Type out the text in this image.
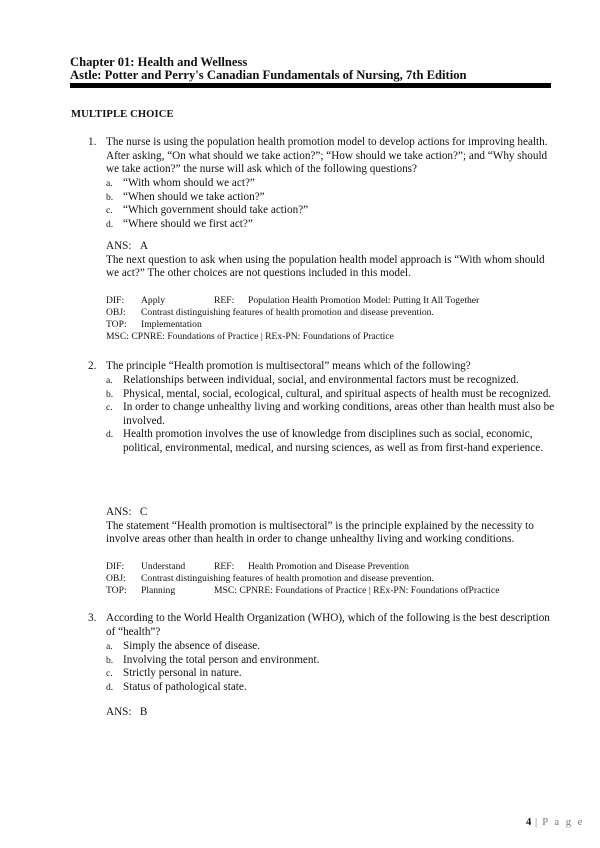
Chapter 01: Health and Wellness
Astle: Potter and Perry's Canadian Fundamentals of Nursing, 7th Edition
MULTIPLE CHOICE
1. The nurse is using the population health promotion model to develop actions for improving health. After asking, “On what should we take action?”; “How should we take action?”; and “Why should we take action?” the nurse will ask which of the following questions?
a. “With whom should we act?”
b. “When should we take action?”
c. “Which government should take action?”
d. “Where should we first act?”
ANS: A
The next question to ask when using the population health model approach is “With whom should we act?” The other choices are not questions included in this model.
DIF: Apply	REF: Population Health Promotion Model: Putting It All Together
OBJ: Contrast distinguishing features of health promotion and disease prevention.
TOP: Implementation
MSC: CPNRE: Foundations of Practice | REx-PN: Foundations of Practice
2. The principle “Health promotion is multisectoral” means which of the following?
a. Relationships between individual, social, and environmental factors must be recognized.
b. Physical, mental, social, ecological, cultural, and spiritual aspects of health must be recognized.
c. In order to change unhealthy living and working conditions, areas other than health must also be involved.
d. Health promotion involves the use of knowledge from disciplines such as social, economic, political, environmental, medical, and nursing sciences, as well as from first-hand experience.
ANS: C
The statement “Health promotion is multisectoral” is the principle explained by the necessity to involve areas other than health in order to change unhealthy living and working conditions.
DIF: Understand	REF: Health Promotion and Disease Prevention
OBJ: Contrast distinguishing features of health promotion and disease prevention.
TOP: Planning	MSC: CPNRE: Foundations of Practice | REx-PN: Foundations ofPractice
3. According to the World Health Organization (WHO), which of the following is the best description of “health”?
a. Simply the absence of disease.
b. Involving the total person and environment.
c. Strictly personal in nature.
d. Status of pathological state.
ANS: B
4 | P a g e
